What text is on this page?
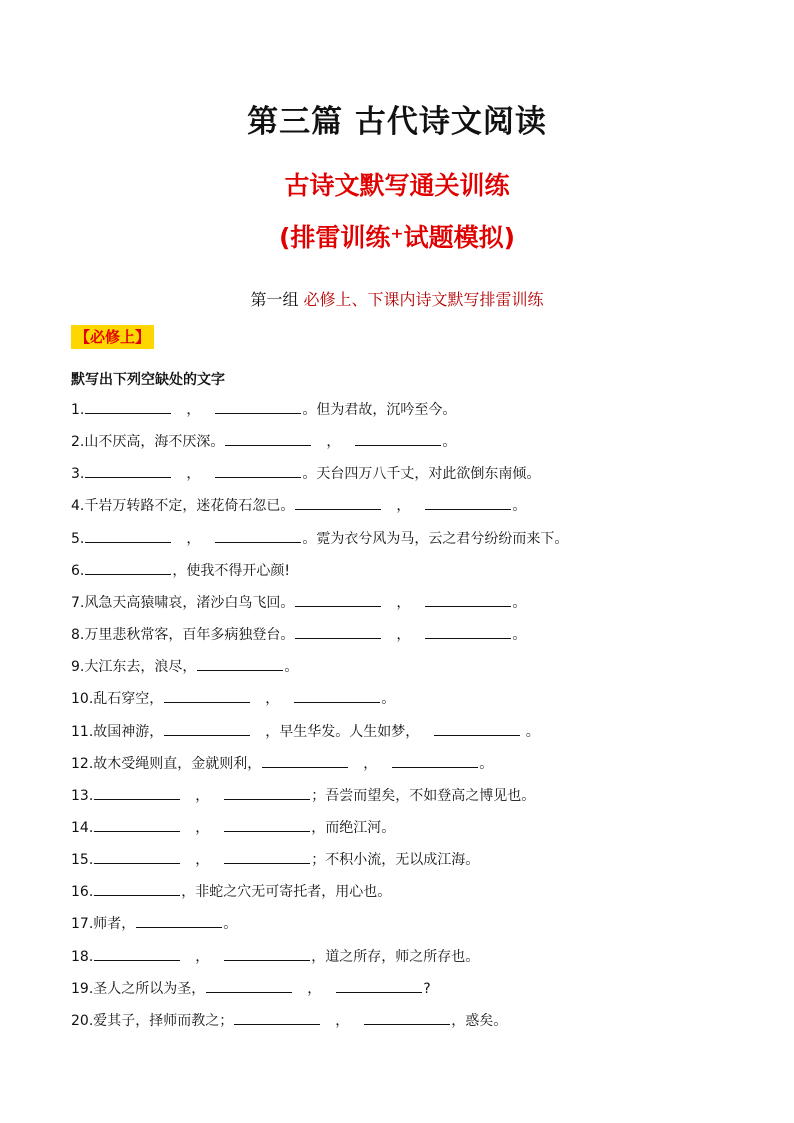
第三篇 古代诗文阅读
古诗文默写通关训练
(排雷训练⁺试题模拟)
第一组 必修上、下课内诗文默写排雷训练
【必修上】
默写出下列空缺处的文字
1.	，	。但为君故，沉吟至今。
2.山不厌高，海不厌深。	，	。
3.	，	。天台四万八千丈，对此欲倒东南倾。
4.千岩万转路不定，迷花倚石忽已。	，	。
5.	，	。霓为衣兮风为马，云之君兮纷纷而来下。
6.	，使我不得开心颜!
7.风急天高猿啸哀，渚沙白鸟飞回。	，	。
8.万里悲秋常客，百年多病独登台。	，	。
9.大江东去，浪尽，	。
10.乱石穿空，	，	。
11.故国神游，	，早生华发。人生如梦，	。
12.故木受绳则直，金就则利，	，	。
13.	，	；吾尝而望矣，不如登高之博见也。
14.	，	，而绝江河。
15.	，	；不积小流，无以成江海。
16.	，非蛇之穴无可寄托者，用心也。
17.师者，	。
18.	，	，道之所存，师之所存也。
19.圣人之所以为圣，	，	?
20.爱其子，择师而教之；	，	，惑矣。
